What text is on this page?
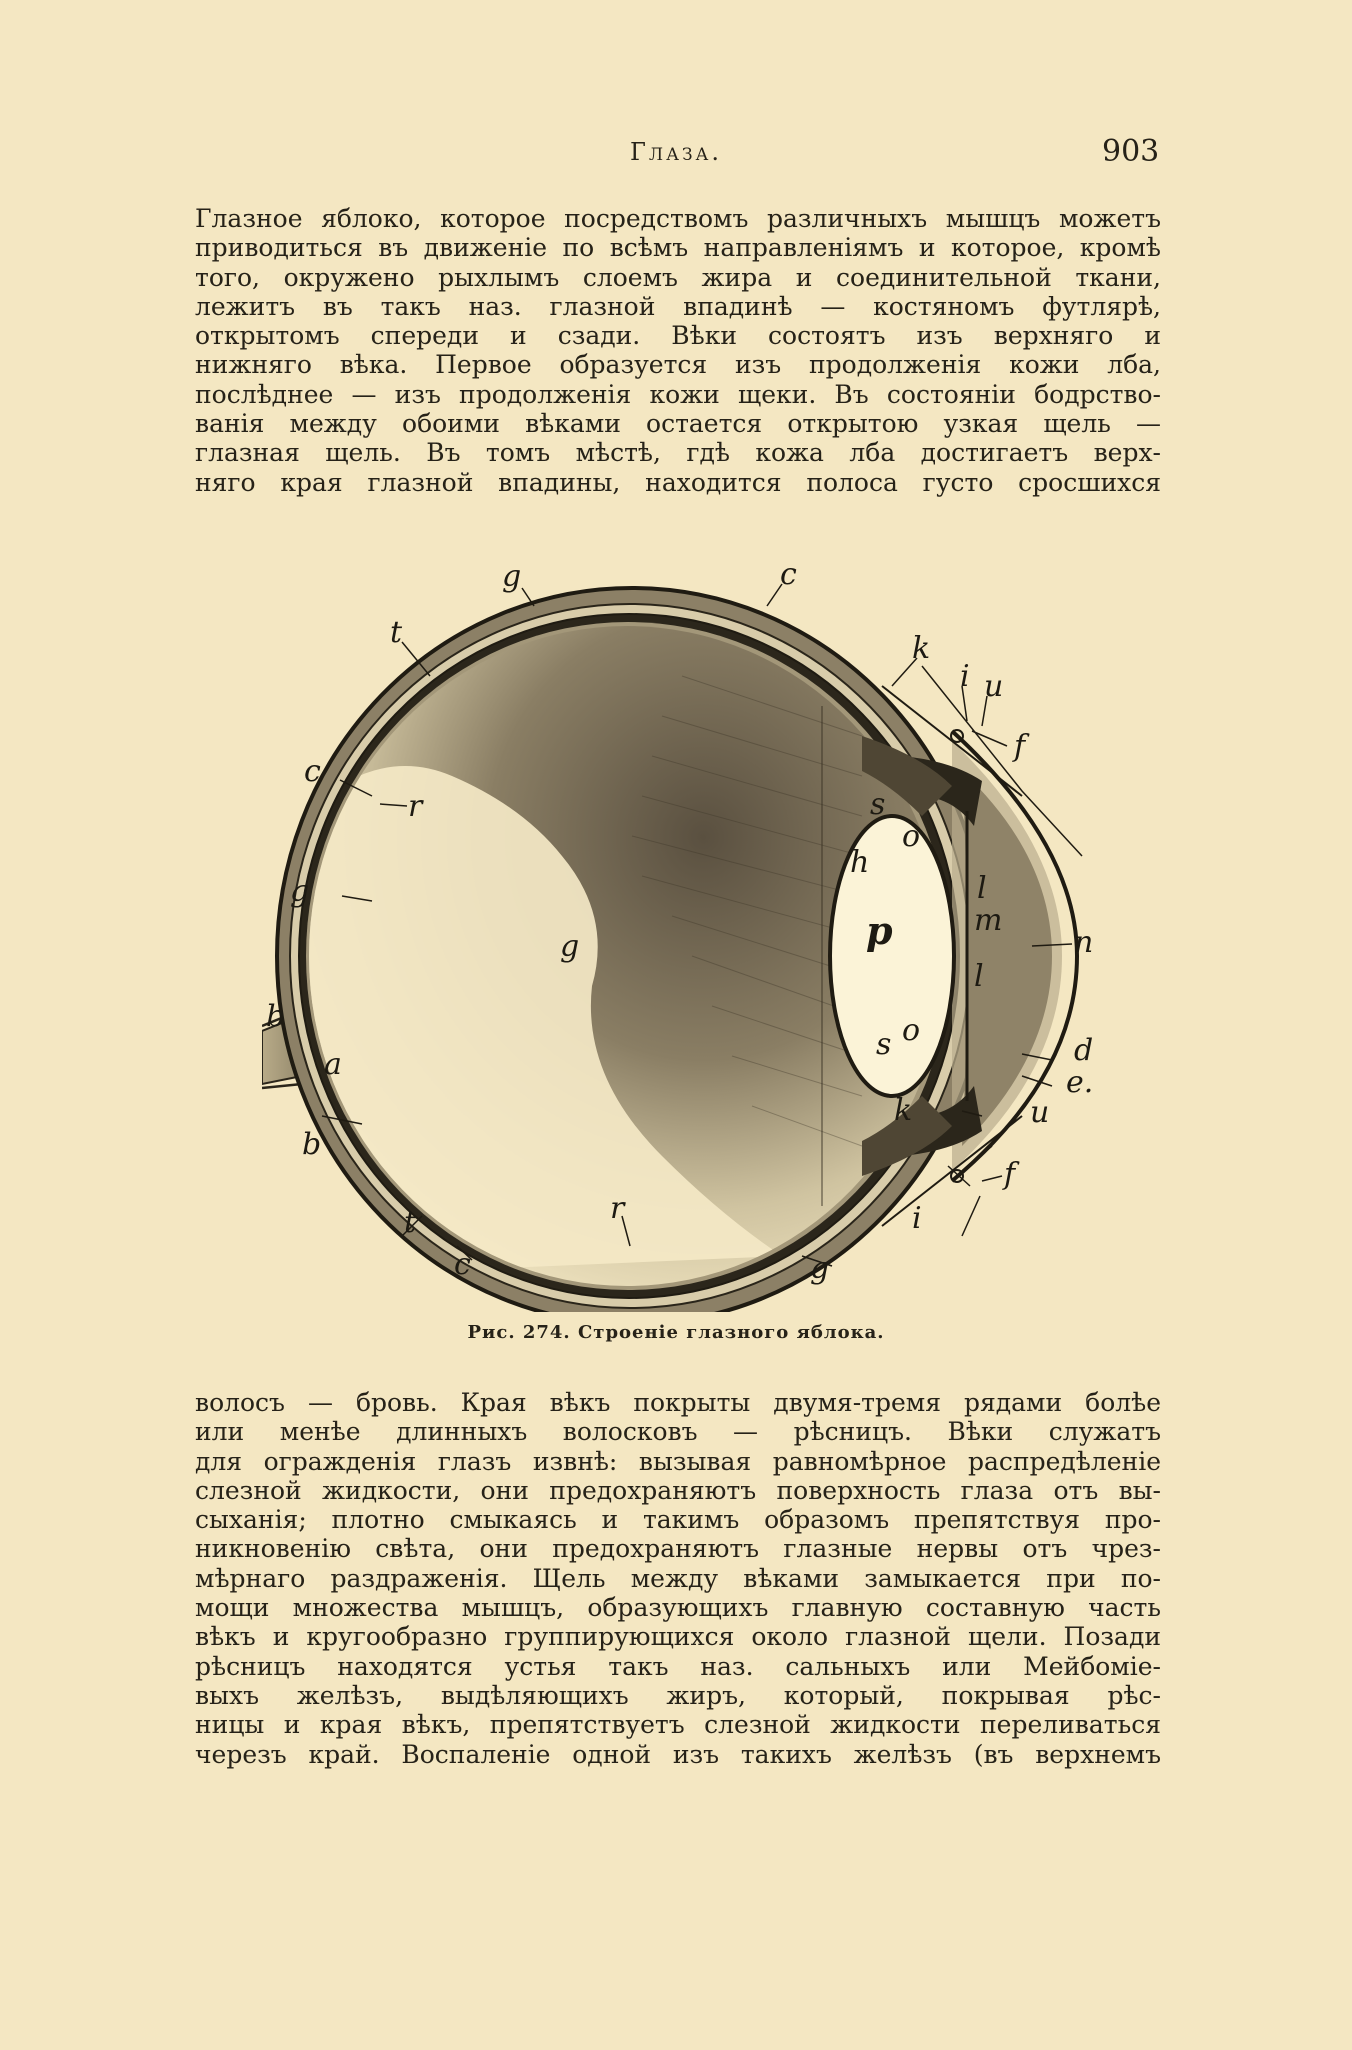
Глаза.	903
Глазное яблоко, которое посредствомъ различныхъ мышцъ можетъ
приводиться въ движеніе по всѣмъ направленіямъ и которое, кромѣ
того, окружено рыхлымъ слоемъ жира и соединительной ткани,
лежитъ въ такъ наз. глазной впадинѣ — костяномъ футлярѣ,
открытомъ спереди и сзади. Вѣки состоятъ изъ верхняго и
нижняго вѣка. Первое образуется изъ продолженія кожи лба,
послѣднее — изъ продолженія кожи щеки. Въ состояніи бодрство-
ванія между обоими вѣками остается открытою узкая щель —
глазная щель. Въ томъ мѣстѣ, гдѣ кожа лба достигаетъ верх-
няго края глазной впадины, находится полоса густо сросшихся
g	c
t	k
i u
f
c
r	s
o
h
g
g	p
l
m
n
l
b	o
s	d
a
e.
u
k
b
f
i
r
t
c	g
Рис. 274. Строеніе глазного яблока.
волосъ — бровь. Края вѣкъ покрыты двумя-тремя рядами болѣе
или менѣе длинныхъ волосковъ — рѣсницъ. Вѣки служатъ
для огражденія глазъ извнѣ: вызывая равномѣрное распредѣленіе
слезной жидкости, они предохраняютъ поверхность глаза отъ вы-
сыханія; плотно смыкаясь и такимъ образомъ препятствуя про-
никновенію свѣта, они предохраняютъ глазные нервы отъ чрез-
мѣрнаго раздраженія. Щель между вѣками замыкается при по-
мощи множества мышцъ, образующихъ главную составную часть
вѣкъ и кругообразно группирующихся около глазной щели. Позади
рѣсницъ находятся устья такъ наз. сальныхъ или Мейбоміе-
выхъ желѣзъ, выдѣляющихъ жиръ, который, покрывая рѣс-
ницы и края вѣкъ, препятствуетъ слезной жидкости переливаться
черезъ край. Воспаленіе одной изъ такихъ желѣзъ (въ верхнемъ
